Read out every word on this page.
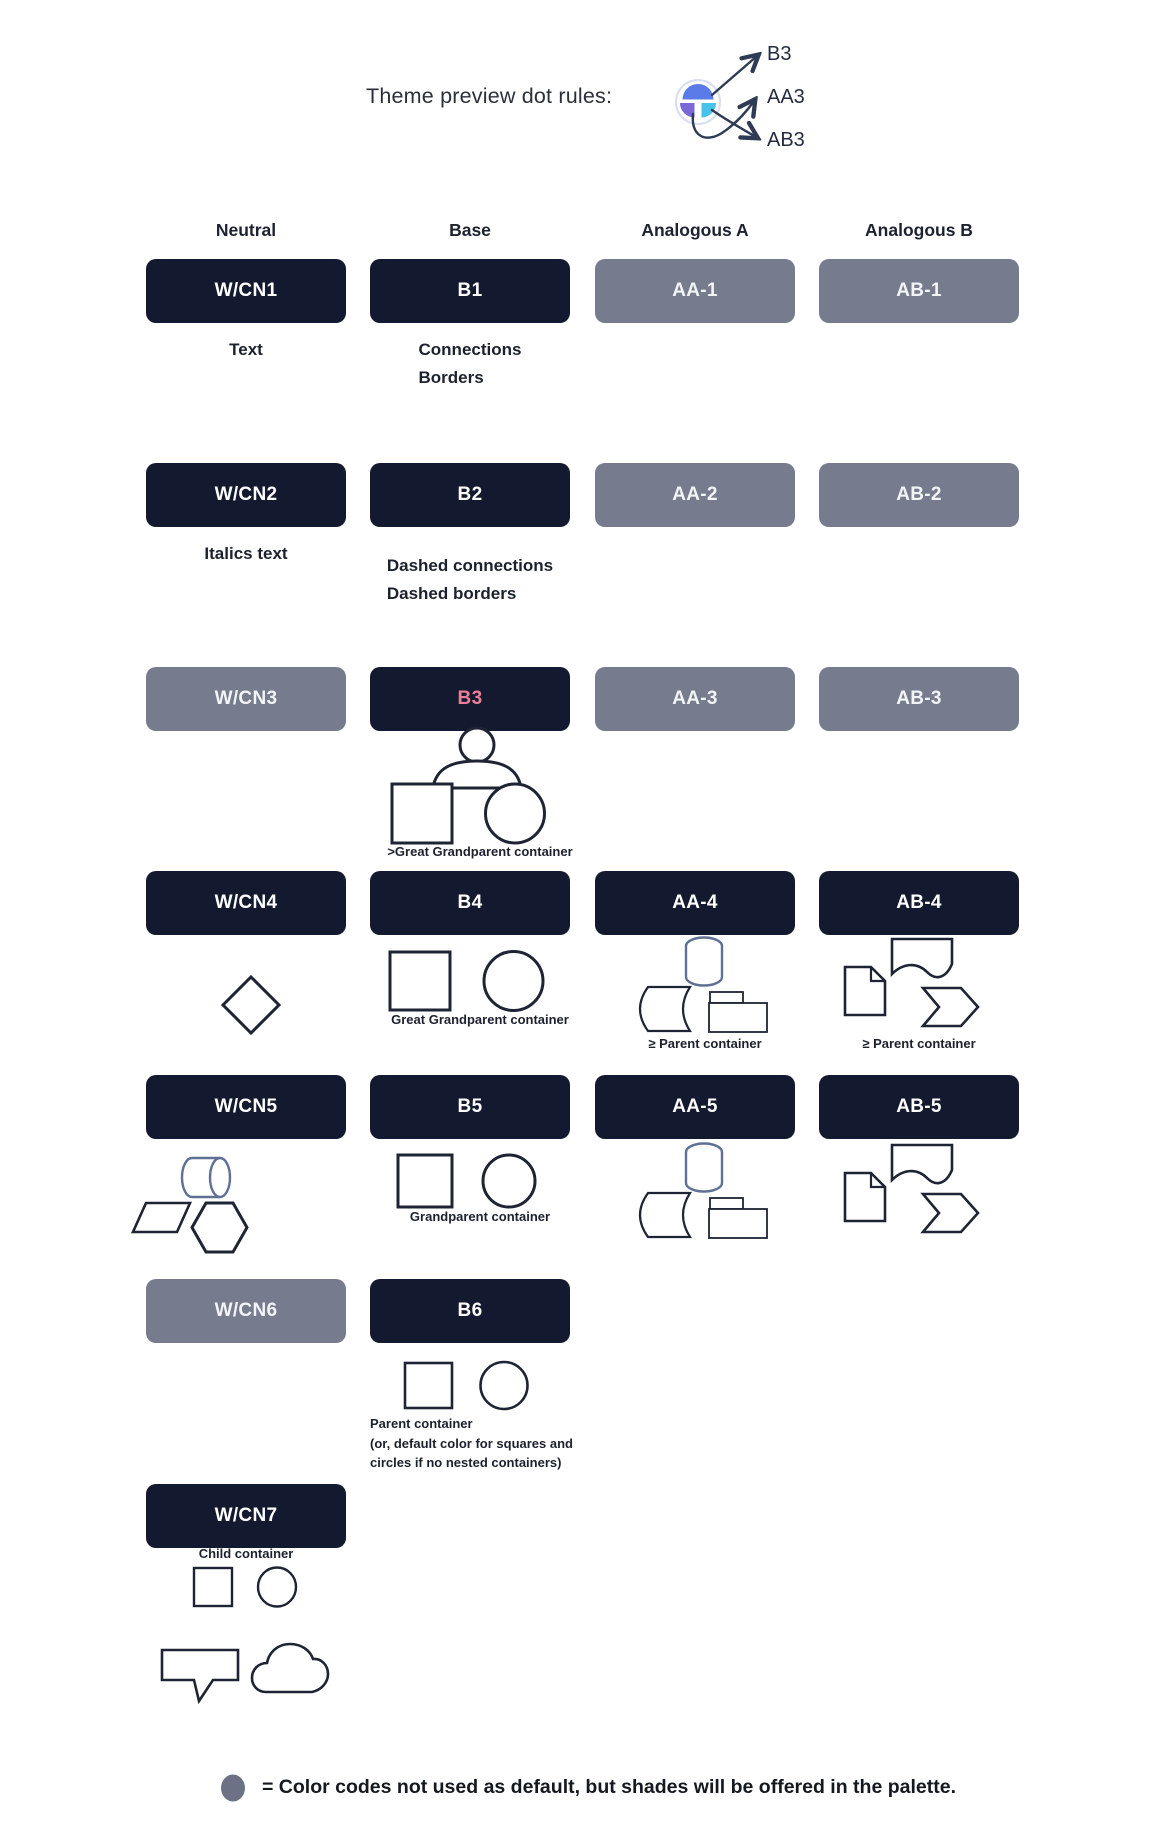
Theme preview dot rules:
B3
AA3
AB3
Neutral	Base	Analogous A	Analogous B
W/CN1	B1	AA-1	AB-1
W/CN2	B2	AA-2	AB-2
W/CN3	B3	AA-3	AB-3
W/CN4	B4	AA-4	AB-4
W/CN5	B5	AA-5	AB-5
W/CN6	B6
W/CN7
Text	Connections
Borders
Italics text
Dashed connections
Dashed borders
>Great Grandparent container
Great Grandparent container
≥ Parent container	≥ Parent container
Grandparent container
Parent container
(or, default color for squares and
circles if no nested containers)
Child container
= Color codes not used as default, but shades will be offered in the palette.
